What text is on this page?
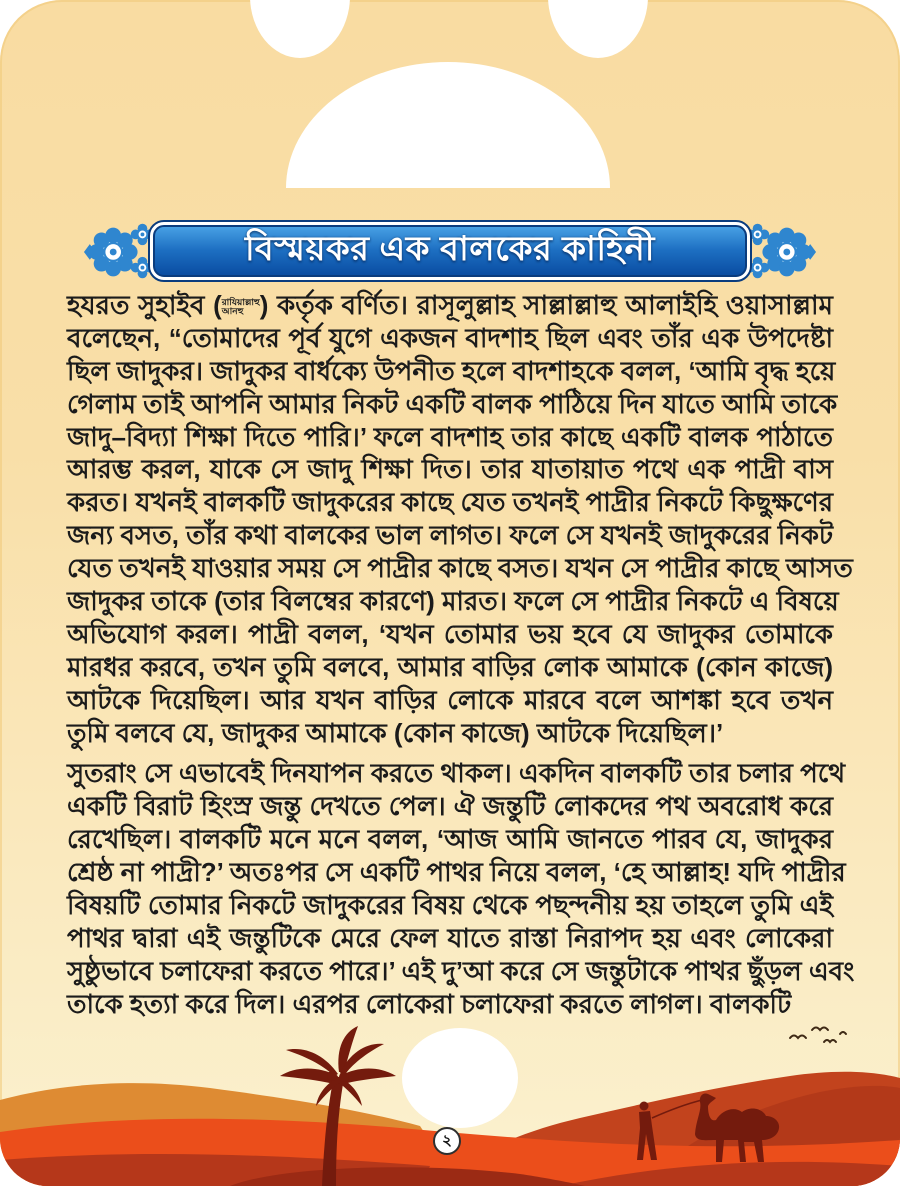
বিস্ময়কর এক বালকের কাহিনী
হযরত সুহাইব ( রাযিয়াল্লাহু
আনহু ) কর্তৃক বর্ণিত। রাসূলুল্লাহ সাল্লাল্লাহু আলাইহি ওয়াসাল্লাম
বলেছেন, “তোমাদের পূর্ব যুগে একজন বাদশাহ ছিল এবং তাঁর এক উপদেষ্টা
ছিল জাদুকর। জাদুকর বার্ধক্যে উপনীত হলে বাদশাহকে বলল, ‘আমি বৃদ্ধ হয়ে
গেলাম তাই আপনি আমার নিকট একটি বালক পাঠিয়ে দিন যাতে আমি তাকে
জাদু–বিদ্যা শিক্ষা দিতে পারি।’ ফলে বাদশাহ তার কাছে একটি বালক পাঠাতে
আরম্ভ করল, যাকে সে জাদু শিক্ষা দিত। তার যাতায়াত পথে এক পাদ্রী বাস
করত। যখনই বালকটি জাদুকরের কাছে যেত তখনই পাদ্রীর নিকটে কিছুক্ষণের
জন্য বসত, তাঁর কথা বালকের ভাল লাগত। ফলে সে যখনই জাদুকরের নিকট
যেত তখনই যাওয়ার সময় সে পাদ্রীর কাছে বসত। যখন সে পাদ্রীর কাছে আসত
জাদুকর তাকে (তার বিলম্বের কারণে) মারত। ফলে সে পাদ্রীর নিকটে এ বিষয়ে
অভিযোগ করল। পাদ্রী বলল, ‘যখন তোমার ভয় হবে যে জাদুকর তোমাকে
মারধর করবে, তখন তুমি বলবে, আমার বাড়ির লোক আমাকে (কোন কাজে)
আটকে দিয়েছিল। আর যখন বাড়ির লোকে মারবে বলে আশঙ্কা হবে তখন
তুমি বলবে যে, জাদুকর আমাকে (কোন কাজে) আটকে দিয়েছিল।’
সুতরাং সে এভাবেই দিনযাপন করতে থাকল। একদিন বালকটি তার চলার পথে
একটি বিরাট হিংস্র জন্তু দেখতে পেল। ঐ জন্তুটি লোকদের পথ অবরোধ করে
রেখেছিল। বালকটি মনে মনে বলল, ‘আজ আমি জানতে পারব যে, জাদুকর
শ্রেষ্ঠ না পাদ্রী?’ অতঃপর সে একটি পাথর নিয়ে বলল, ‘হে আল্লাহ! যদি পাদ্রীর
বিষয়টি তোমার নিকটে জাদুকরের বিষয় থেকে পছন্দনীয় হয় তাহলে তুমি এই
পাথর দ্বারা এই জন্তুটিকে মেরে ফেল যাতে রাস্তা নিরাপদ হয় এবং লোকেরা
সুষ্ঠুভাবে চলাফেরা করতে পারে।’ এই দু’আ করে সে জন্তুটাকে পাথর ছুঁড়ল এবং
তাকে হত্যা করে দিল। এরপর লোকেরা চলাফেরা করতে লাগল। বালকটি
২
